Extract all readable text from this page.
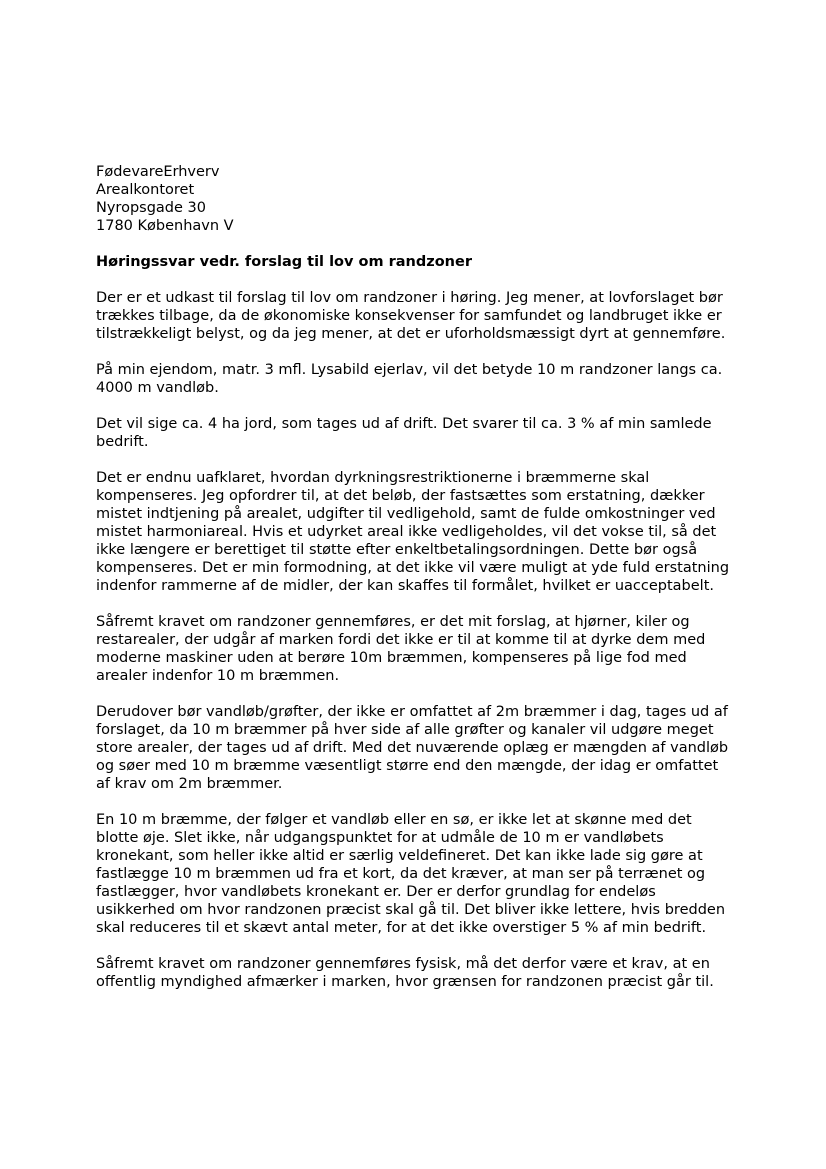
FødevareErhverv
Arealkontoret
Nyropsgade 30
1780 København V

Høringssvar vedr. forslag til lov om randzoner

Der er et udkast til forslag til lov om randzoner i høring. Jeg mener, at lovforslaget bør trækkes tilbage, da de økonomiske konsekvenser for samfundet og landbruget ikke er tilstrækkeligt belyst, og da jeg mener, at det er uforholdsmæssigt dyrt at gennemføre.

På min ejendom, matr. 3 mfl. Lysabild ejerlav, vil det betyde 10 m randzoner langs ca. 4000 m vandløb.

Det vil sige ca. 4 ha jord, som tages ud af drift. Det svarer til ca. 3 % af min samlede bedrift.

Det er endnu uafklaret, hvordan dyrkningsrestriktionerne i bræmmerne skal kompenseres. Jeg opfordrer til, at det beløb, der fastsættes som erstatning, dækker mistet indtjening på arealet, udgifter til vedligehold, samt de fulde omkostninger ved mistet harmoniareal. Hvis et udyrket areal ikke vedligeholdes, vil det vokse til, så det ikke længere er berettiget til støtte efter enkeltbetalingsordningen. Dette bør også kompenseres. Det er min formodning, at det ikke vil være muligt at yde fuld erstatning indenfor rammerne af de midler, der kan skaffes til formålet, hvilket er uacceptabelt.

Såfremt kravet om randzoner gennemføres, er det mit forslag, at hjørner, kiler og restarealer, der udgår af marken fordi det ikke er til at komme til at dyrke dem med moderne maskiner uden at berøre 10m bræmmen, kompenseres på lige fod med arealer indenfor 10 m bræmmen.

Derudover bør vandløb/grøfter, der ikke er omfattet af 2m bræmmer i dag, tages ud af forslaget, da 10 m bræmmer på hver side af alle grøfter og kanaler vil udgøre meget store arealer, der tages ud af drift. Med det nuværende oplæg er mængden af vandløb og søer med 10 m bræmme væsentligt større end den mængde, der idag er omfattet af krav om 2m bræmmer.

En 10 m bræmme, der følger et vandløb eller en sø, er ikke let at skønne med det blotte øje. Slet ikke, når udgangspunktet for at udmåle de 10 m er vandløbets kronekant, som heller ikke altid er særlig veldefineret. Det kan ikke lade sig gøre at fastlægge 10 m bræmmen ud fra et kort, da det kræver, at man ser på terrænet og fastlægger, hvor vandløbets kronekant er. Der er derfor grundlag for endeløs usikkerhed om hvor randzonen præcist skal gå til. Det bliver ikke lettere, hvis bredden skal reduceres til et skævt antal meter, for at det ikke overstiger 5 % af min bedrift.

Såfremt kravet om randzoner gennemføres fysisk, må det derfor være et krav, at en offentlig myndighed afmærker i marken, hvor grænsen for randzonen præcist går til.
